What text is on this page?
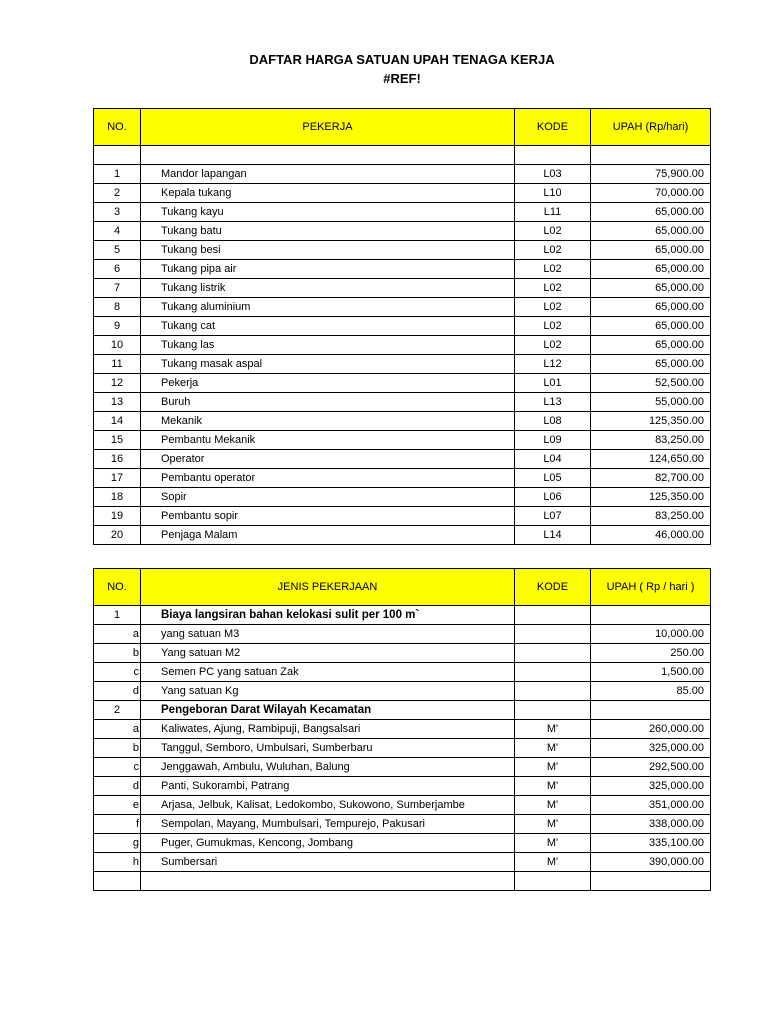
DAFTAR HARGA SATUAN UPAH TENAGA KERJA
#REF!
NO.	PEKERJA	KODE	UPAH (Rp/hari)

1	Mandor lapangan	L03	75,900.00
2	Kepala tukang	L10	70,000.00
3	Tukang kayu	L11	65,000.00
4	Tukang batu	L02	65,000.00
5	Tukang besi	L02	65,000.00
6	Tukang pipa air	L02	65,000.00
7	Tukang listrik	L02	65,000.00
8	Tukang aluminium	L02	65,000.00
9	Tukang cat	L02	65,000.00
10	Tukang las	L02	65,000.00
11	Tukang masak aspal	L12	65,000.00
12	Pekerja	L01	52,500.00
13	Buruh	L13	55,000.00
14	Mekanik	L08	125,350.00
15	Pembantu Mekanik	L09	83,250.00
16	Operator	L04	124,650.00
17	Pembantu operator	L05	82,700.00
18	Sopir	L06	125,350.00
19	Pembantu sopir	L07	83,250.00
20	Penjaga Malam	L14	46,000.00
NO.	JENIS PEKERJAAN	KODE	UPAH ( Rp / hari )
1	Biaya langsiran bahan kelokasi sulit per 100 m`		
a	yang satuan M3		10,000.00
b	Yang satuan M2		250.00
c	Semen PC yang satuan Zak		1,500.00
d	Yang satuan Kg		85.00
2	Pengeboran Darat Wilayah Kecamatan		
a	Kaliwates, Ajung, Rambipuji, Bangsalsari	M'	260,000.00
b	Tanggul, Semboro, Umbulsari, Sumberbaru	M'	325,000.00
c	Jenggawah, Ambulu, Wuluhan, Balung	M'	292,500.00
d	Panti, Sukorambi, Patrang	M'	325,000.00
e	Arjasa, Jelbuk, Kalisat, Ledokombo, Sukowono, Sumberjambe	M'	351,000.00
f	Sempolan, Mayang, Mumbulsari, Tempurejo, Pakusari	M'	338,000.00
g	Puger, Gumukmas, Kencong, Jombang	M'	335,100.00
h	Sumbersari	M'	390,000.00
